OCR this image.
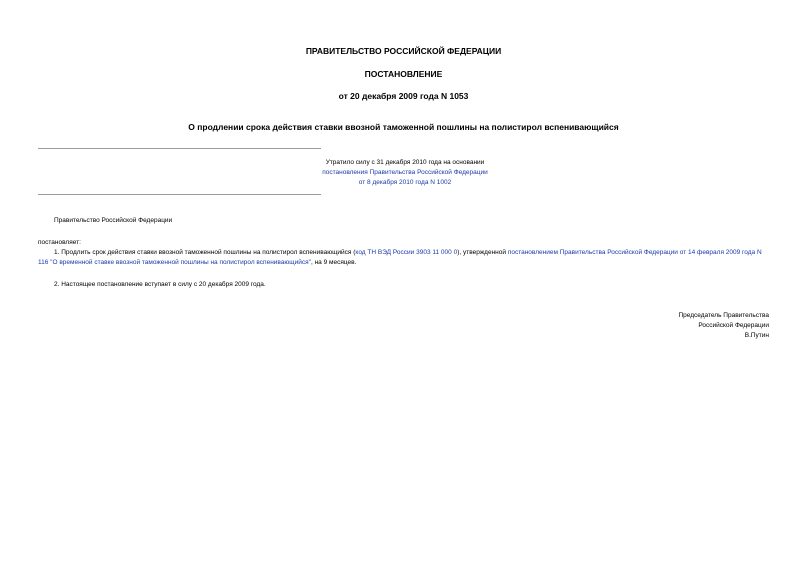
ПРАВИТЕЛЬСТВО РОССИЙСКОЙ ФЕДЕРАЦИИ
ПОСТАНОВЛЕНИЕ
от 20 декабря 2009 года N 1053
О продлении срока действия ставки ввозной таможенной пошлины на полистирол вспенивающийся
Утратило силу с 31 декабря 2010 года на основании
постановления Правительства Российской Федерации
от 8 декабря 2010 года N 1002
Правительство Российской Федерации
постановляет:
1. Продлить срок действия ставки ввозной таможенной пошлины на полистирол вспенивающийся (код ТН ВЭД России 3903 11 000 0), утвержденной постановлением Правительства Российской Федерации от 14 февраля 2009 года N 116 "О временной ставке ввозной таможенной пошлины на полистирол вспенивающийся", на 9 месяцев.
2. Настоящее постановление вступает в силу с 20 декабря 2009 года.
Председатель Правительства
Российской Федерации
В.Путин
